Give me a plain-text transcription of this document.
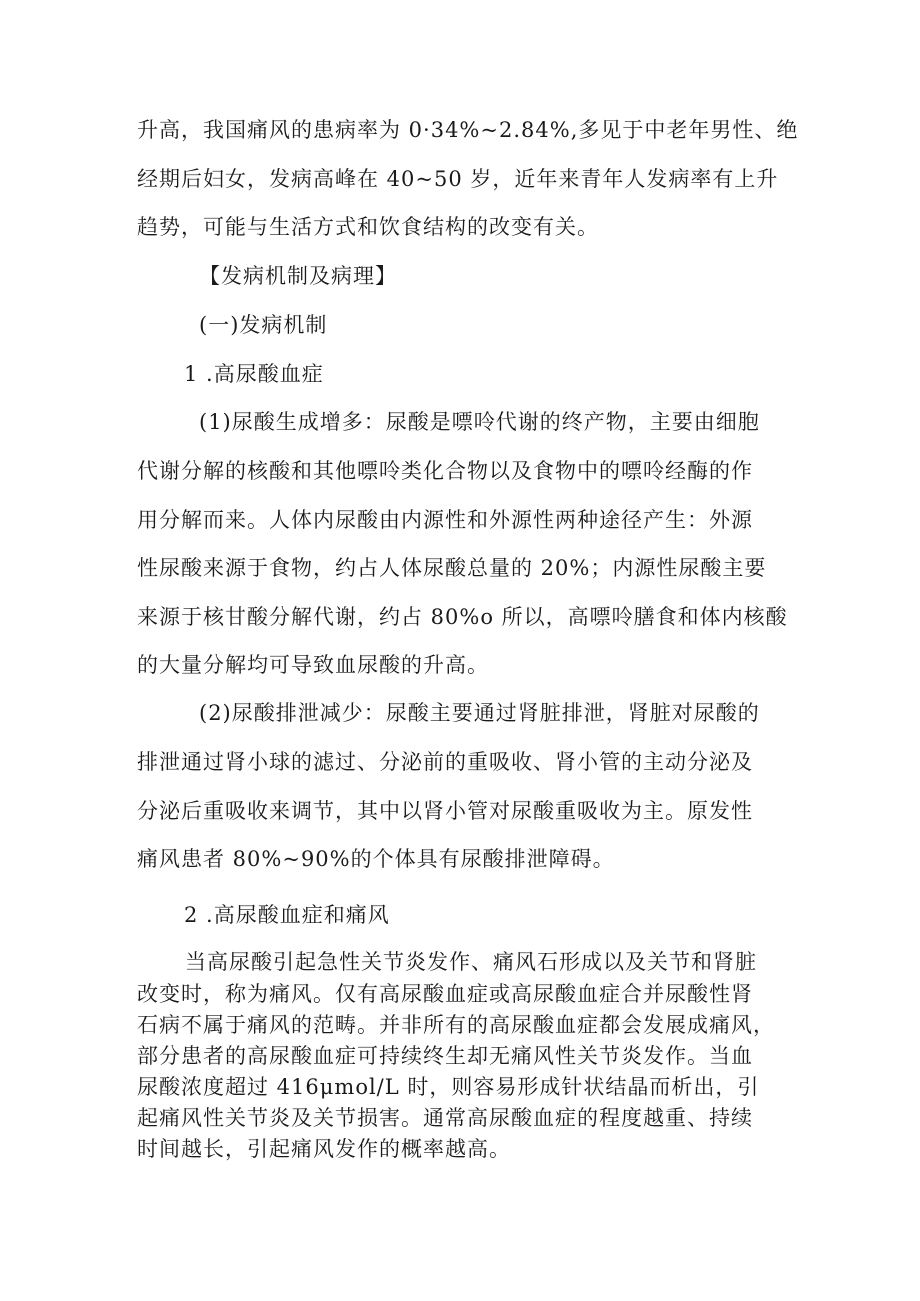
升高，我国痛风的患病率为 0·34%~2.84%,多见于中老年男性、绝
经期后妇女，发病高峰在 40~50 岁，近年来青年人发病率有上升
趋势，可能与生活方式和饮食结构的改变有关。
【发病机制及病理】
(一)发病机制
1 .高尿酸血症
(1)尿酸生成增多：尿酸是嘌呤代谢的终产物，主要由细胞
代谢分解的核酸和其他嘌呤类化合物以及食物中的嘌呤经酶的作
用分解而来。人体内尿酸由内源性和外源性两种途径产生：外源
性尿酸来源于食物，约占人体尿酸总量的 20%；内源性尿酸主要
来源于核甘酸分解代谢，约占 80%o 所以，高嘌呤膳食和体内核酸
的大量分解均可导致血尿酸的升高。
(2)尿酸排泄减少：尿酸主要通过肾脏排泄，肾脏对尿酸的
排泄通过肾小球的滤过、分泌前的重吸收、肾小管的主动分泌及
分泌后重吸收来调节，其中以肾小管对尿酸重吸收为主。原发性
痛风患者 80%~90%的个体具有尿酸排泄障碍。
2 .高尿酸血症和痛风
当高尿酸引起急性关节炎发作、痛风石形成以及关节和肾脏
改变时，称为痛风。仅有高尿酸血症或高尿酸血症合并尿酸性肾
石病不属于痛风的范畴。并非所有的高尿酸血症都会发展成痛风，
部分患者的高尿酸血症可持续终生却无痛风性关节炎发作。当血
尿酸浓度超过 416μmol/L 时，则容易形成针状结晶而析出，引
起痛风性关节炎及关节损害。通常高尿酸血症的程度越重、持续
时间越长，引起痛风发作的概率越高。
